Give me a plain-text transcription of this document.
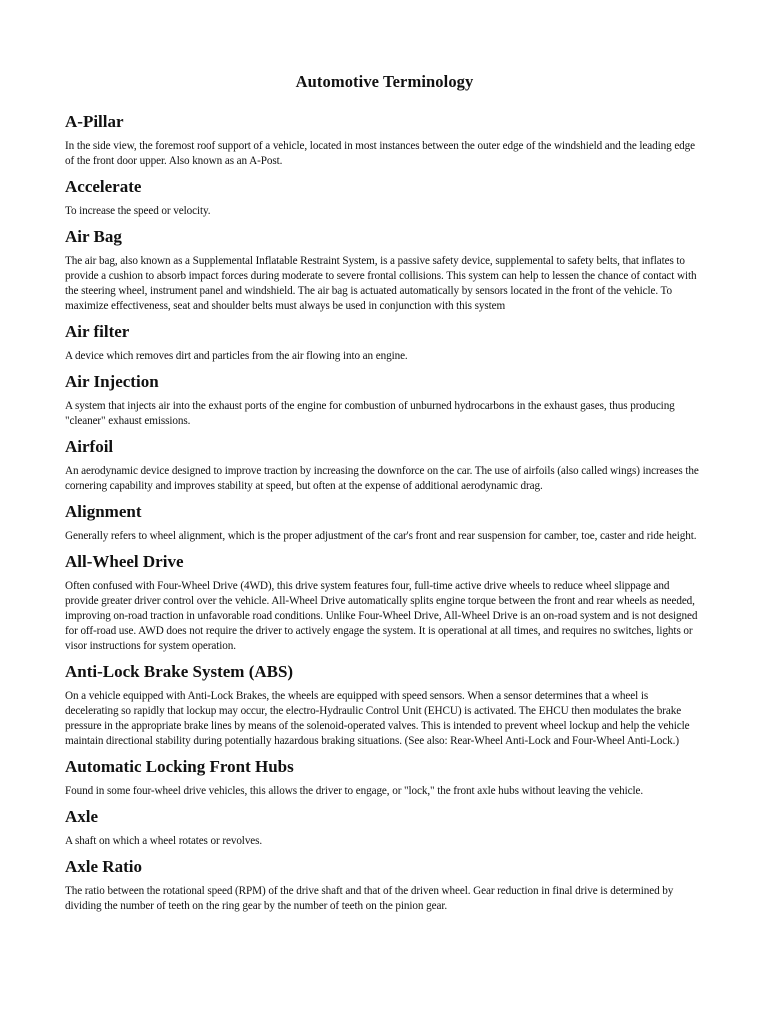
Automotive Terminology
A-Pillar

In the side view, the foremost roof support of a vehicle, located in most instances between the outer edge of the windshield and the leading edge of the front door upper. Also known as an A-Post.

Accelerate

To increase the speed or velocity.

Air Bag

The air bag, also known as a Supplemental Inflatable Restraint System, is a passive safety device, supplemental to safety belts, that inflates to provide a cushion to absorb impact forces during moderate to severe frontal collisions. This system can help to lessen the chance of contact with the steering wheel, instrument panel and windshield. The air bag is actuated automatically by sensors located in the front of the vehicle. To maximize effectiveness, seat and shoulder belts must always be used in conjunction with this system

Air filter

A device which removes dirt and particles from the air flowing into an engine.

Air Injection

A system that injects air into the exhaust ports of the engine for combustion of unburned hydrocarbons in the exhaust gases, thus producing "cleaner" exhaust emissions.

Airfoil

An aerodynamic device designed to improve traction by increasing the downforce on the car. The use of airfoils (also called wings) increases the cornering capability and improves stability at speed, but often at the expense of additional aerodynamic drag.

Alignment

Generally refers to wheel alignment, which is the proper adjustment of the car's front and rear suspension for camber, toe, caster and ride height.

All-Wheel Drive

Often confused with Four-Wheel Drive (4WD), this drive system features four, full-time active drive wheels to reduce wheel slippage and provide greater driver control over the vehicle. All-Wheel Drive automatically splits engine torque between the front and rear wheels as needed, improving on-road traction in unfavorable road conditions. Unlike Four-Wheel Drive, All-Wheel Drive is an on-road system and is not designed for off-road use. AWD does not require the driver to actively engage the system. It is operational at all times, and requires no switches, lights or visor instructions for system operation.

Anti-Lock Brake System (ABS)

On a vehicle equipped with Anti-Lock Brakes, the wheels are equipped with speed sensors. When a sensor determines that a wheel is decelerating so rapidly that lockup may occur, the electro-Hydraulic Control Unit (EHCU) is activated. The EHCU then modulates the brake pressure in the appropriate brake lines by means of the solenoid-operated valves. This is intended to prevent wheel lockup and help the vehicle maintain directional stability during potentially hazardous braking situations. (See also: Rear-Wheel Anti-Lock and Four-Wheel Anti-Lock.)

Automatic Locking Front Hubs

Found in some four-wheel drive vehicles, this allows the driver to engage, or "lock," the front axle hubs without leaving the vehicle.

Axle

A shaft on which a wheel rotates or revolves.

Axle Ratio

The ratio between the rotational speed (RPM) of the drive shaft and that of the driven wheel. Gear reduction in final drive is determined by dividing the number of teeth on the ring gear by the number of teeth on the pinion gear.
